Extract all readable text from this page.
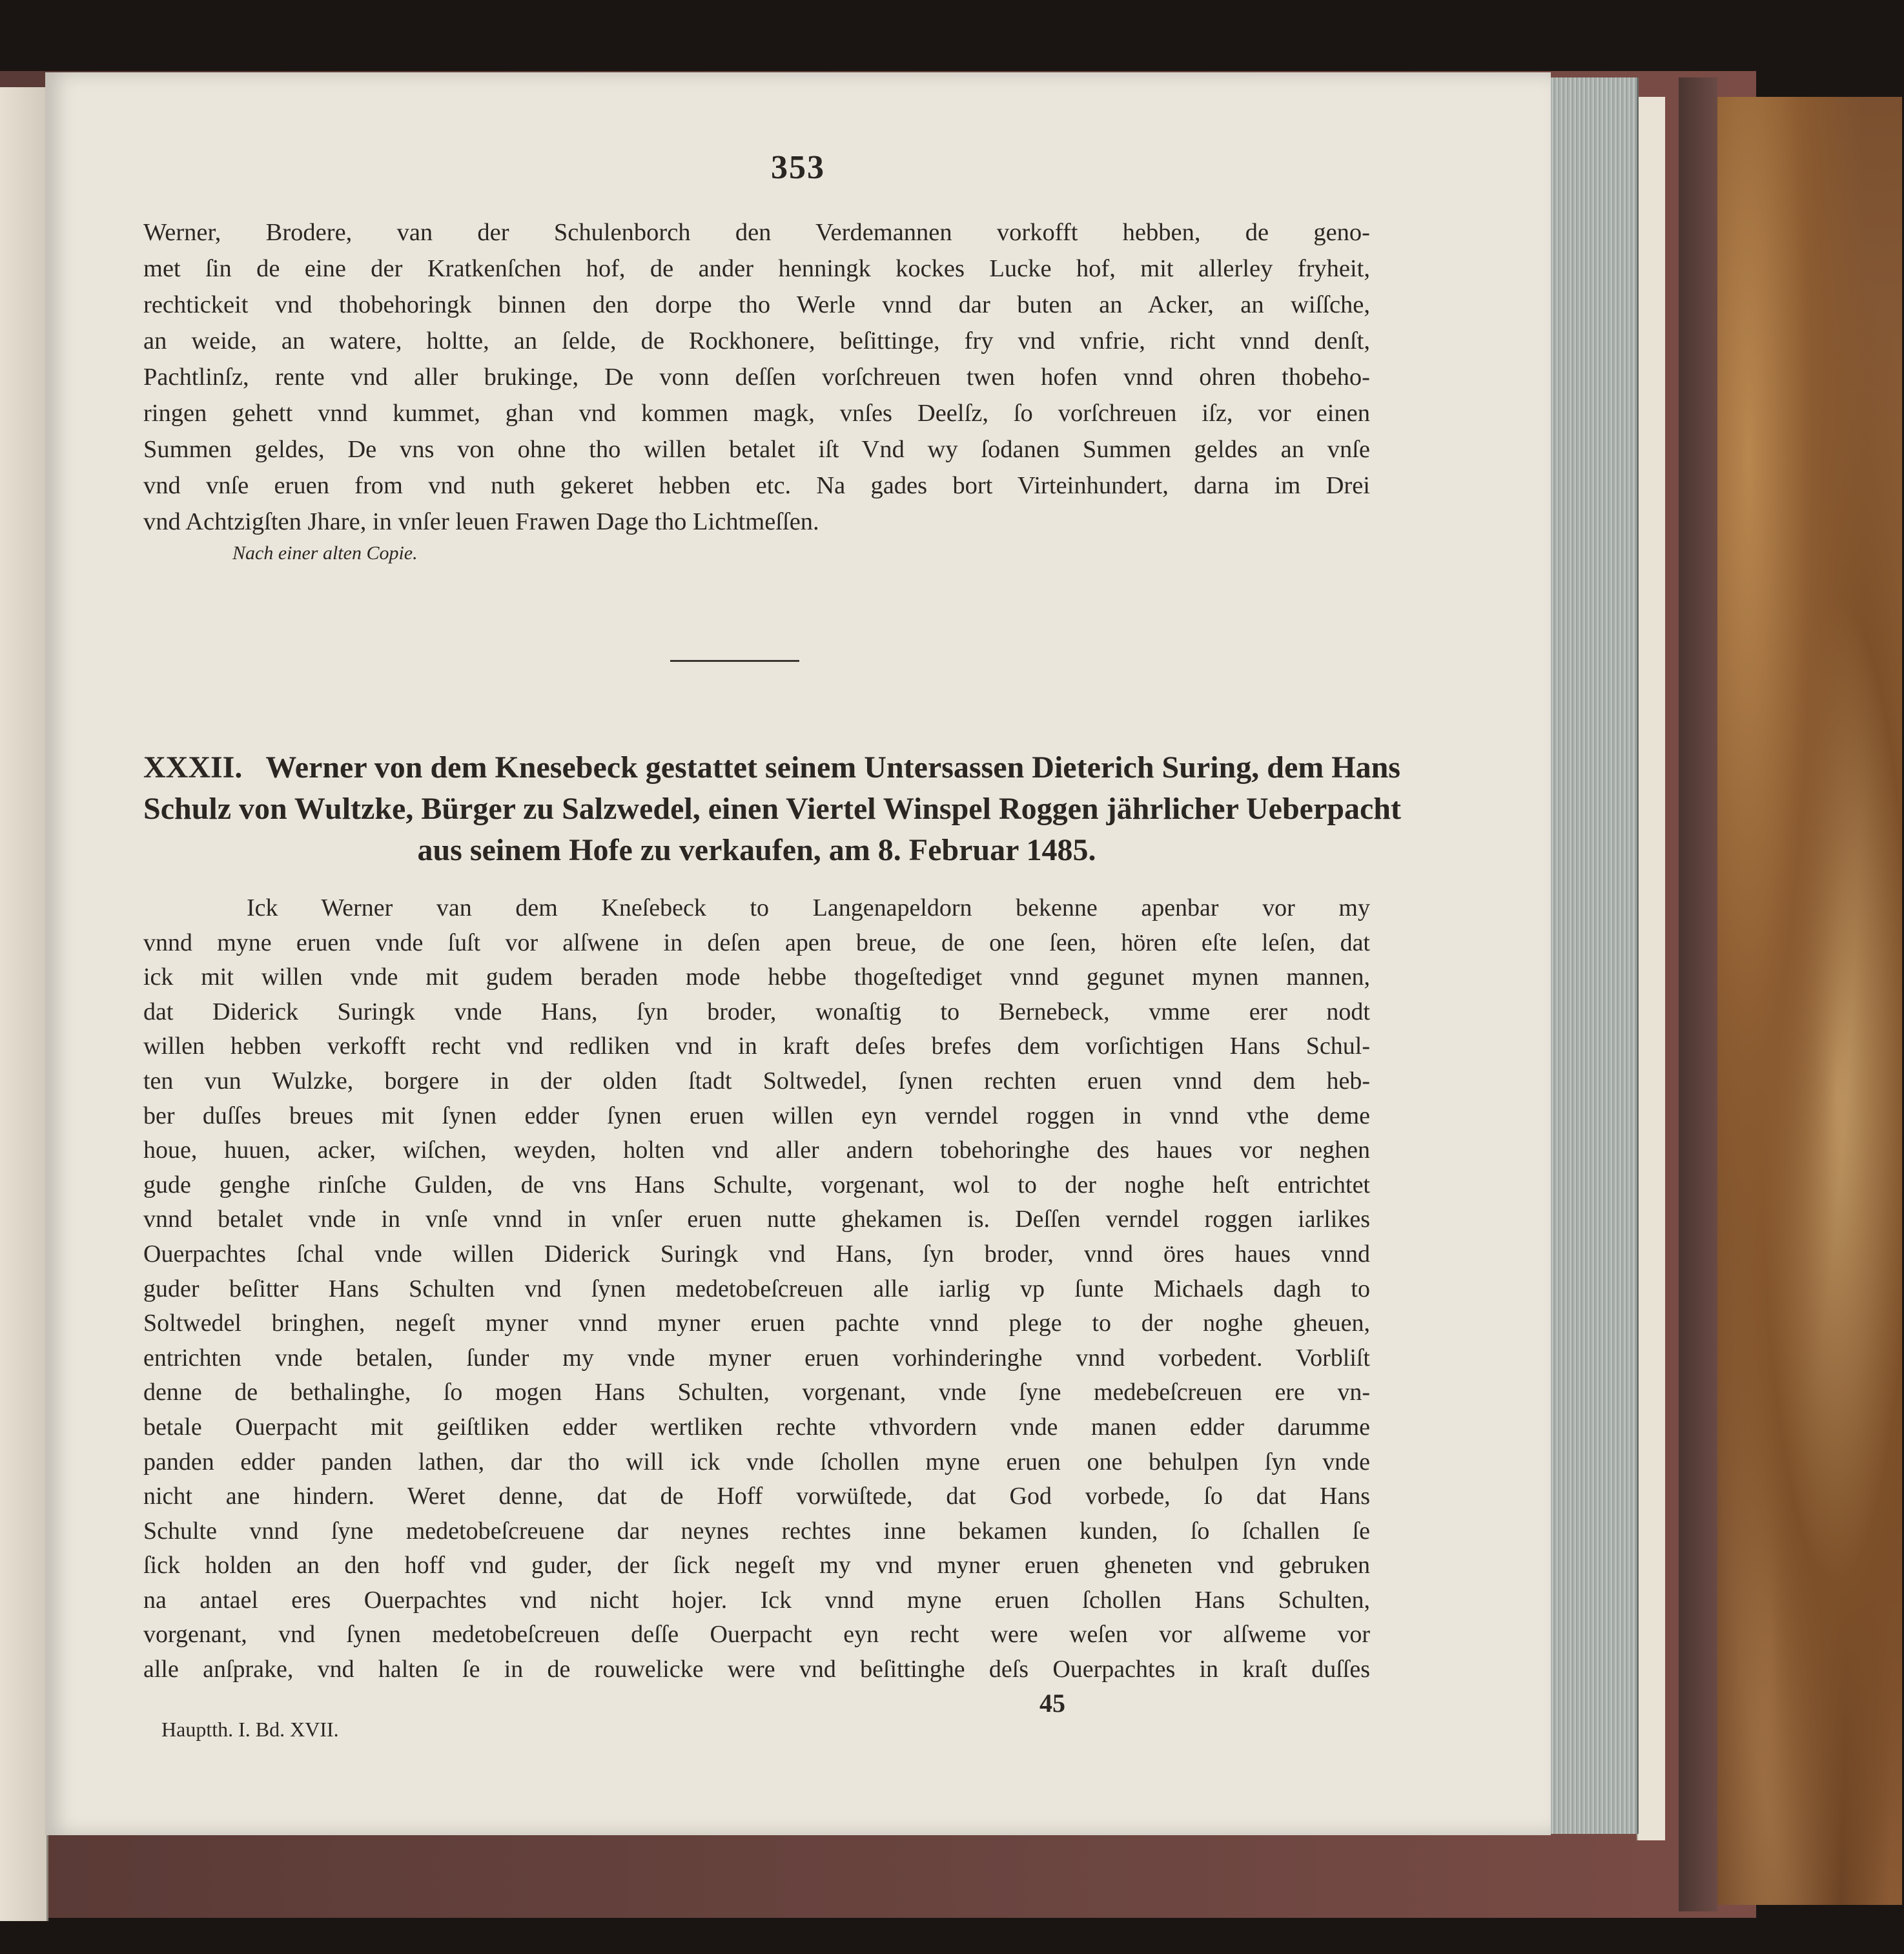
353
Werner, Brodere, van der Schulenborch den Verdemannen vorkofft hebben, de geno-
met ſin de eine der Kratkenſchen hof, de ander henningk kockes Lucke hof, mit allerley fryheit,
rechtickeit vnd thobehoringk binnen den dorpe tho Werle vnnd dar buten an Acker, an wiſſche,
an weide, an watere, holtte, an ſelde, de Rockhonere, beſittinge, fry vnd vnfrie, richt vnnd denſt,
Pachtlinſz, rente vnd aller brukinge, De vonn deſſen vorſchreuen twen hofen vnnd ohren thobeho-
ringen gehett vnnd kummet, ghan vnd kommen magk, vnſes Deelſz, ſo vorſchreuen iſz, vor einen
Summen geldes, De vns von ohne tho willen betalet iſt Vnd wy ſodanen Summen geldes an vnſe
vnd vnſe eruen from vnd nuth gekeret hebben etc. Na gades bort Virteinhundert, darna im Drei
vnd Achtzigſten Jhare, in vnſer leuen Frawen Dage tho Lichtmeſſen.
Nach einer alten Copie.
XXXII. Werner von dem Knesebeck gestattet seinem Untersassen Dieterich Suring, dem Hans
Schulz von Wultzke, Bürger zu Salzwedel, einen Viertel Winspel Roggen jährlicher Ueberpacht
aus seinem Hofe zu verkaufen, am 8. Februar 1485.
Ick Werner van dem Kneſebeck to Langenapeldorn bekenne apenbar vor my
vnnd myne eruen vnde ſuſt vor alſwene in deſen apen breue, de one ſeen, hören eſte leſen, dat
ick mit willen vnde mit gudem beraden mode hebbe thogeſtediget vnnd gegunet mynen mannen,
dat Diderick Suringk vnde Hans, ſyn broder, wonaſtig to Bernebeck, vmme erer nodt
willen hebben verkofft recht vnd redliken vnd in kraft deſes brefes dem vorſichtigen Hans Schul-
ten vun Wulzke, borgere in der olden ſtadt Soltwedel, ſynen rechten eruen vnnd dem heb-
ber duſſes breues mit ſynen edder ſynen eruen willen eyn verndel roggen in vnnd vthe deme
houe, huuen, acker, wiſchen, weyden, holten vnd aller andern tobehoringhe des haues vor neghen
gude genghe rinſche Gulden, de vns Hans Schulte, vorgenant, wol to der noghe heſt entrichtet
vnnd betalet vnde in vnſe vnnd in vnſer eruen nutte ghekamen is. Deſſen verndel roggen iarlikes
Ouerpachtes ſchal vnde willen Diderick Suringk vnd Hans, ſyn broder, vnnd öres haues vnnd
guder beſitter Hans Schulten vnd ſynen medetobeſcreuen alle iarlig vp ſunte Michaels dagh to
Soltwedel bringhen, negeſt myner vnnd myner eruen pachte vnnd plege to der noghe gheuen,
entrichten vnde betalen, ſunder my vnde myner eruen vorhinderinghe vnnd vorbedent. Vorbliſt
denne de bethalinghe, ſo mogen Hans Schulten, vorgenant, vnde ſyne medebeſcreuen ere vn-
betale Ouerpacht mit geiſtliken edder wertliken rechte vthvordern vnde manen edder darumme
panden edder panden lathen, dar tho will ick vnde ſchollen myne eruen one behulpen ſyn vnde
nicht ane hindern. Weret denne, dat de Hoff vorwüſtede, dat God vorbede, ſo dat Hans
Schulte vnnd ſyne medetobeſcreuene dar neynes rechtes inne bekamen kunden, ſo ſchallen ſe
ſick holden an den hoff vnd guder, der ſick negeſt my vnd myner eruen gheneten vnd gebruken
na antael eres Ouerpachtes vnd nicht hojer. Ick vnnd myne eruen ſchollen Hans Schulten,
vorgenant, vnd ſynen medetobeſcreuen deſſe Ouerpacht eyn recht were weſen vor alſweme vor
alle anſprake, vnd halten ſe in de rouwelicke were vnd beſittinghe deſs Ouerpachtes in kraſt duſſes
Hauptth. I. Bd. XVII.
45
